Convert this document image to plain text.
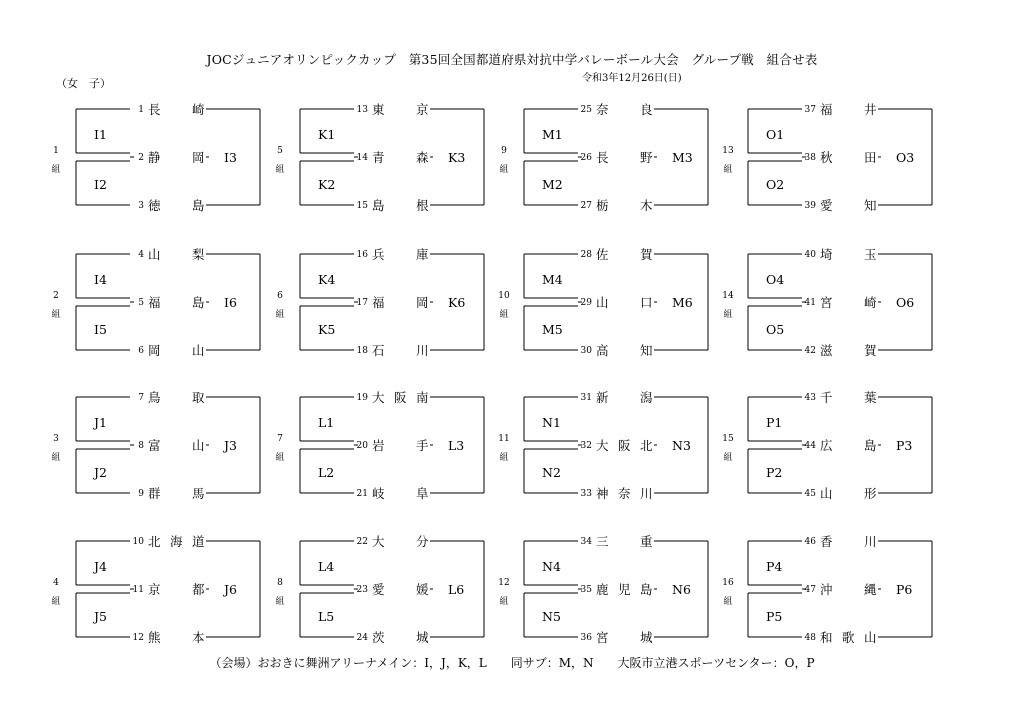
JOCジュニアオリンピックカップ　第35回全国都道府県対抗中学バレーボール大会　グループ戦　組合せ表
令和3年12月26日(日)
（女　子）
1
組
I1
I2
I3
1 長	崎
2 静	岡
3 徳	島
2
組
I4
I5
I6
4 山	梨
5 福	島
6 岡	山
3
組
J1
J2
J3
7 鳥	取
8 富	山
9 群	馬
4
組
J4
J5
J6
10 北 海 道
11 京	都
12 熊	本
5
組
K1
K2
K3
13 東	京
14 青	森
15 島	根
6
組
K4
K5
K6
16 兵	庫
17 福	岡
18 石	川
7
組
L1
L2
L3
19 大 阪 南
20 岩	手
21 岐	阜
8
組
L4
L5
L6
22 大	分
23 愛	媛
24 茨	城
9
組
M1
M2
M3
25 奈	良
26 長	野
27 栃	木
10
組
M4
M5
M6
28 佐	賀
29 山	口
30 高	知
11
組
N1
N2
N3
31 新	潟
32 大 阪 北
33 神 奈 川
12
組
N4
N5
N6
34 三	重
35 鹿 児 島
36 宮	城
13
組
O1
O2
O3
37 福	井
38 秋	田
39 愛	知
14
組
O4
O5
O6
40 埼	玉
41 宮	崎
42 滋	賀
15
組
P1
P2
P3
43 千	葉
44 広	島
45 山	形
16
組
P4
P5
P6
46 香	川
47 沖	縄
48 和 歌 山
（会場）おおきに舞洲アリーナメイン：I，J，K，L　　同サブ：M，N　　大阪市立港スポーツセンター：O，P
